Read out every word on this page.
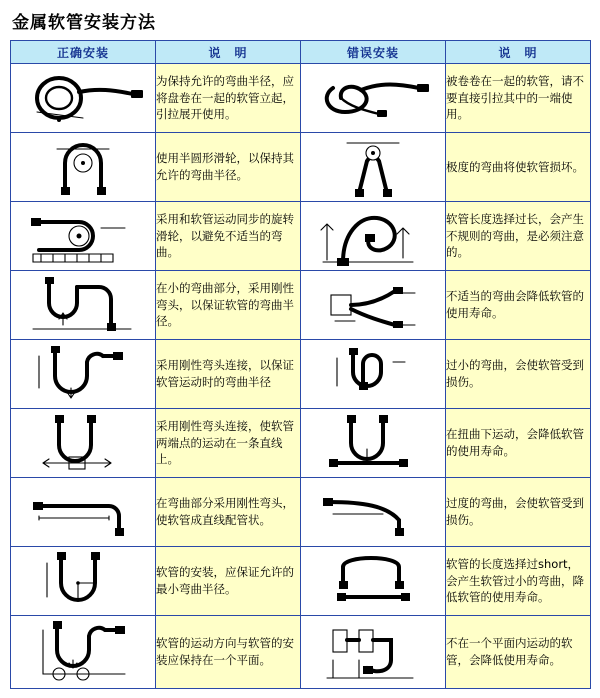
金属软管安装方法
正确安装	说　明	错误安装	说　明

	为保持允许的弯曲半径，应将盘卷在一起的软管立起，引拉展开使用。		被卷卷在一起的软管，请不要直接引拉其中的一端使用。

	使用半圆形滑轮，以保持其允许的弯曲半径。		极度的弯曲将使软管损坏。

	采用和软管运动同步的旋转滑轮，以避免不适当的弯曲。		软管长度选择过长，会产生不规则的弯曲，是必须注意的。

	在小的弯曲部分，采用刚性弯头，以保证软管的弯曲半径。		不适当的弯曲会降低软管的使用寿命。

	采用刚性弯头连接，以保证软管运动时的弯曲半径		过小的弯曲，会使软管受到损伤。

	采用刚性弯头连接，使软管两端点的运动在一条直线上。		在扭曲下运动，会降低软管的使用寿命。

	在弯曲部分采用刚性弯头，使软管成直线配管状。		过度的弯曲，会使软管受到损伤。

	软管的安装，应保证允许的最小弯曲半径。		软管的长度选择过short，会产生软管过小的弯曲，降低软管的使用寿命。

	软管的运动方向与软管的安装应保持在一个平面。		不在一个平面内运动的软管，会降低使用寿命。
